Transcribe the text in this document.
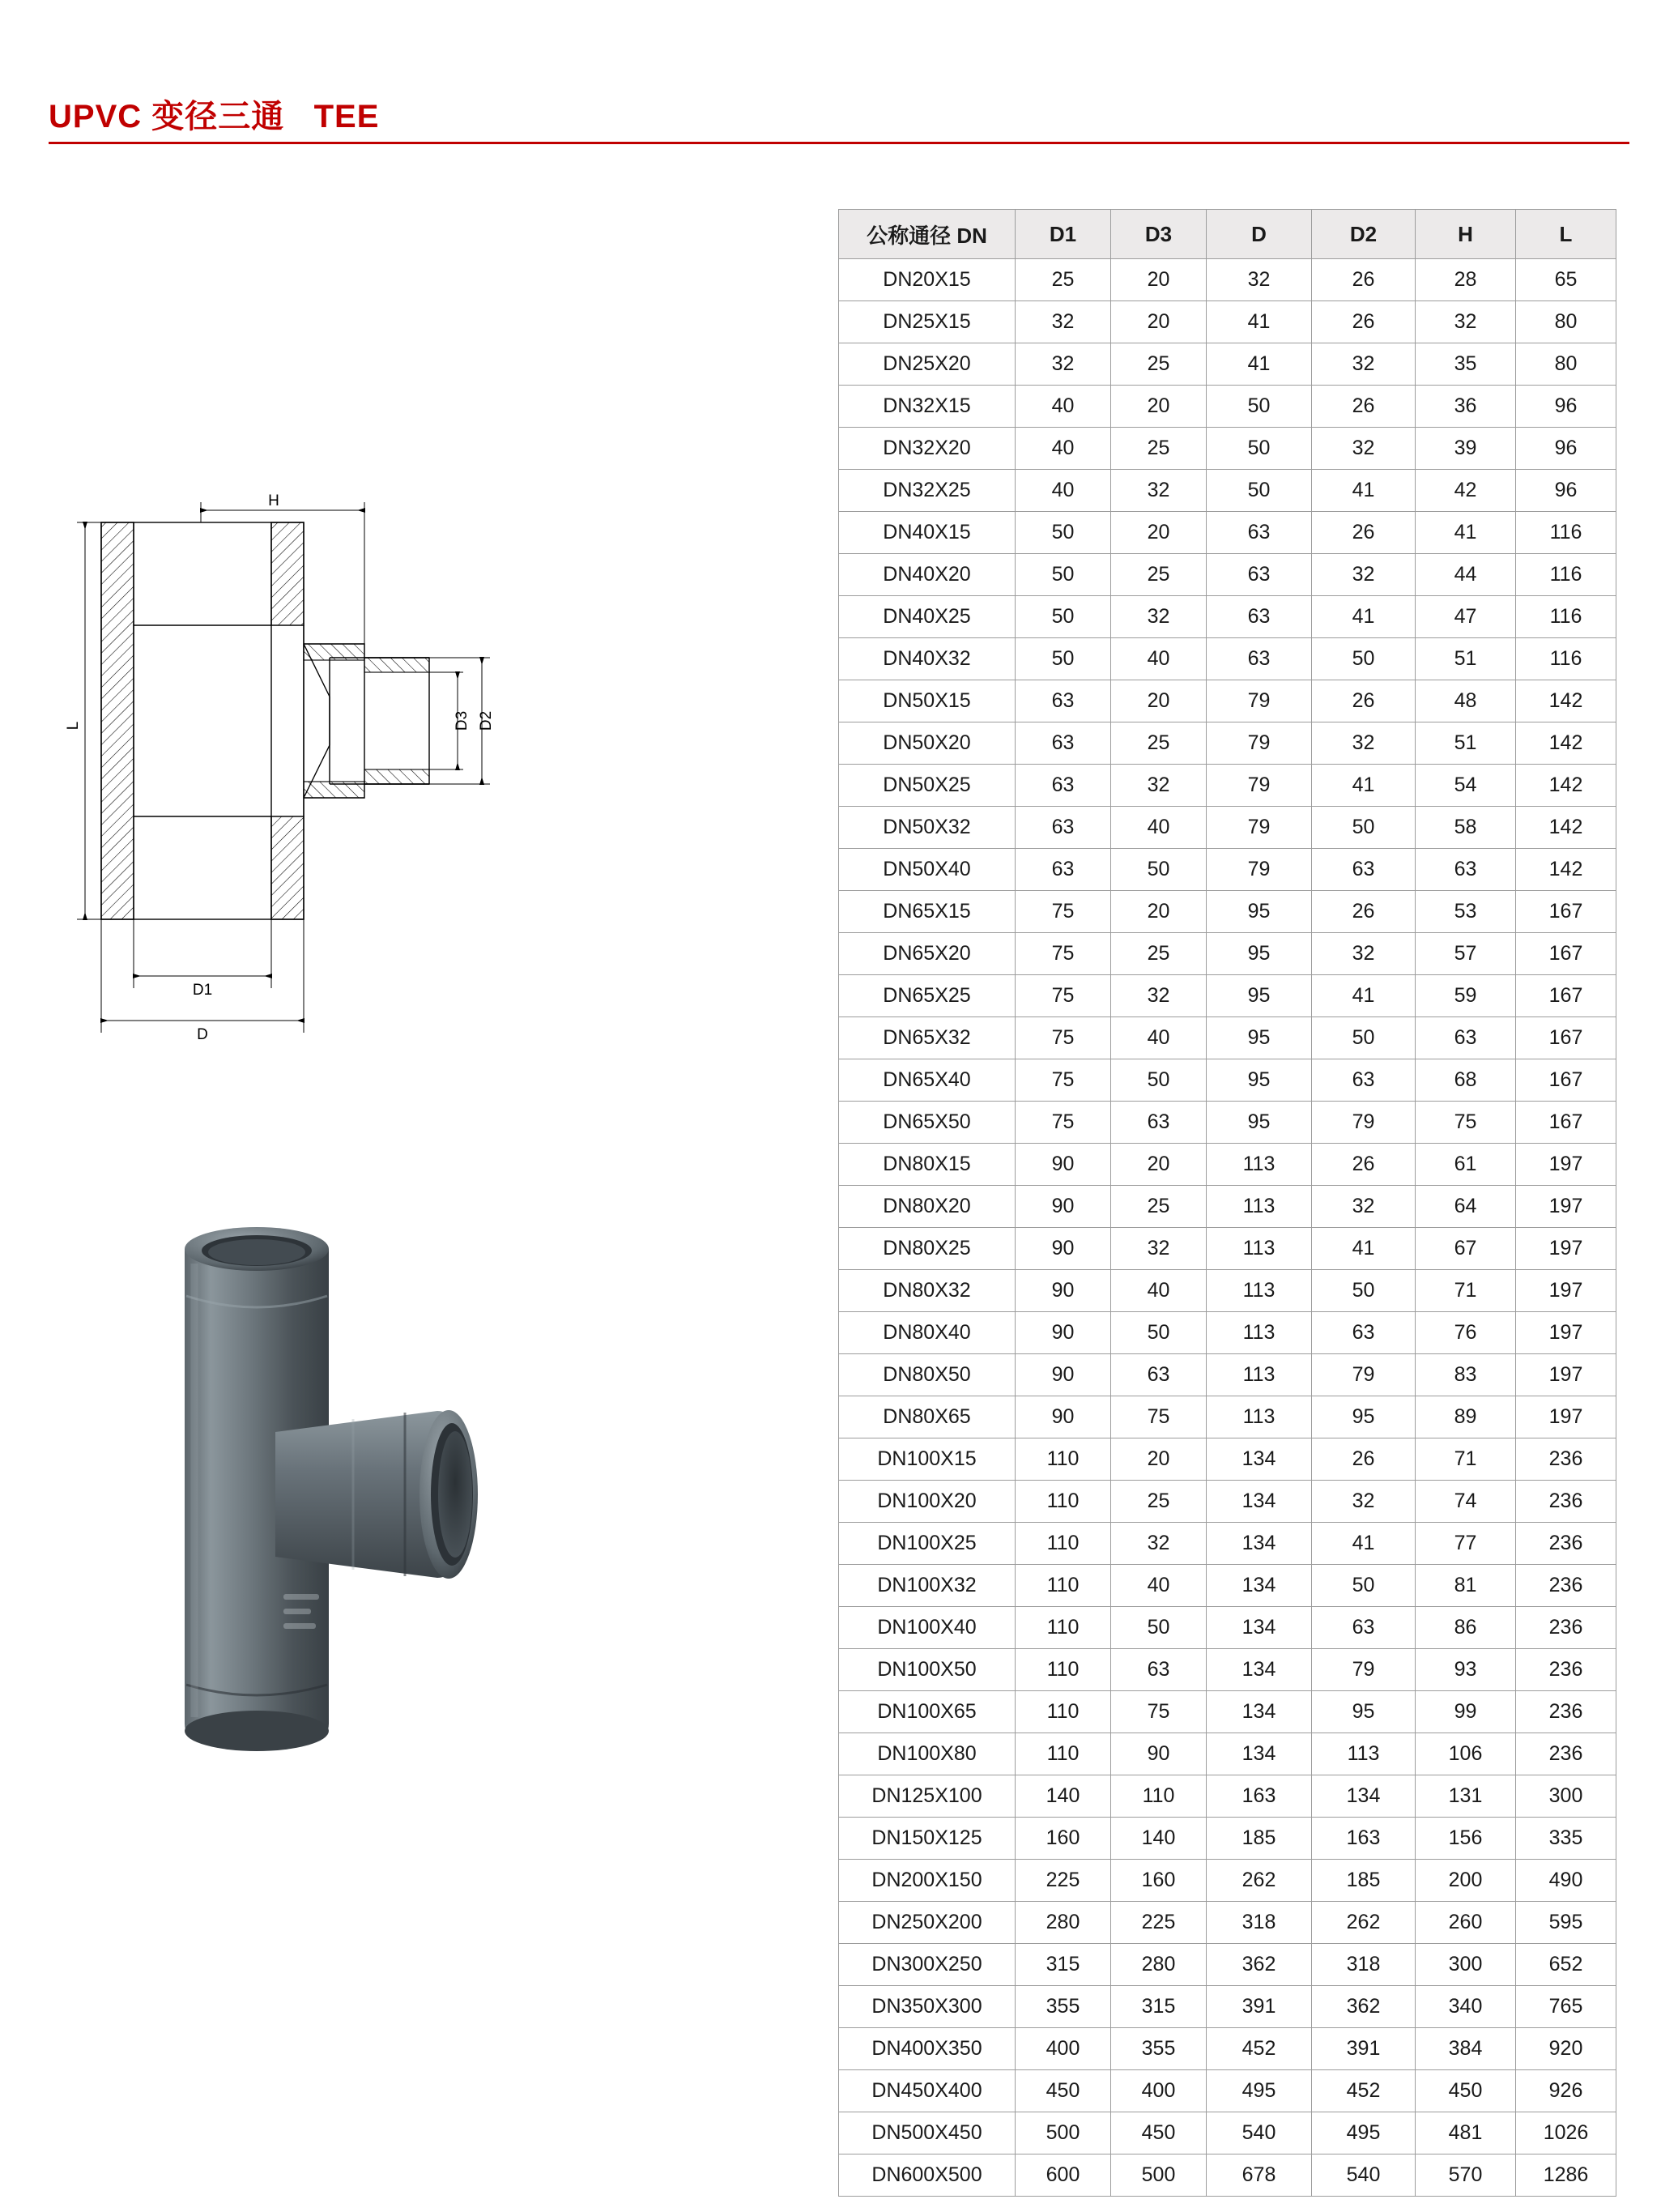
UPVC 变径三通   TEE
H
L
D1
D
D2
D3
公称通径 DN	D1	D3	D	D2	H	L
DN20X15	25	20	32	26	28	65
DN25X15	32	20	41	26	32	80
DN25X20	32	25	41	32	35	80
DN32X15	40	20	50	26	36	96
DN32X20	40	25	50	32	39	96
DN32X25	40	32	50	41	42	96
DN40X15	50	20	63	26	41	116
DN40X20	50	25	63	32	44	116
DN40X25	50	32	63	41	47	116
DN40X32	50	40	63	50	51	116
DN50X15	63	20	79	26	48	142
DN50X20	63	25	79	32	51	142
DN50X25	63	32	79	41	54	142
DN50X32	63	40	79	50	58	142
DN50X40	63	50	79	63	63	142
DN65X15	75	20	95	26	53	167
DN65X20	75	25	95	32	57	167
DN65X25	75	32	95	41	59	167
DN65X32	75	40	95	50	63	167
DN65X40	75	50	95	63	68	167
DN65X50	75	63	95	79	75	167
DN80X15	90	20	113	26	61	197
DN80X20	90	25	113	32	64	197
DN80X25	90	32	113	41	67	197
DN80X32	90	40	113	50	71	197
DN80X40	90	50	113	63	76	197
DN80X50	90	63	113	79	83	197
DN80X65	90	75	113	95	89	197
DN100X15	110	20	134	26	71	236
DN100X20	110	25	134	32	74	236
DN100X25	110	32	134	41	77	236
DN100X32	110	40	134	50	81	236
DN100X40	110	50	134	63	86	236
DN100X50	110	63	134	79	93	236
DN100X65	110	75	134	95	99	236
DN100X80	110	90	134	113	106	236
DN125X100	140	110	163	134	131	300
DN150X125	160	140	185	163	156	335
DN200X150	225	160	262	185	200	490
DN250X200	280	225	318	262	260	595
DN300X250	315	280	362	318	300	652
DN350X300	355	315	391	362	340	765
DN400X350	400	355	452	391	384	920
DN450X400	450	400	495	452	450	926
DN500X450	500	450	540	495	481	1026
DN600X500	600	500	678	540	570	1286
